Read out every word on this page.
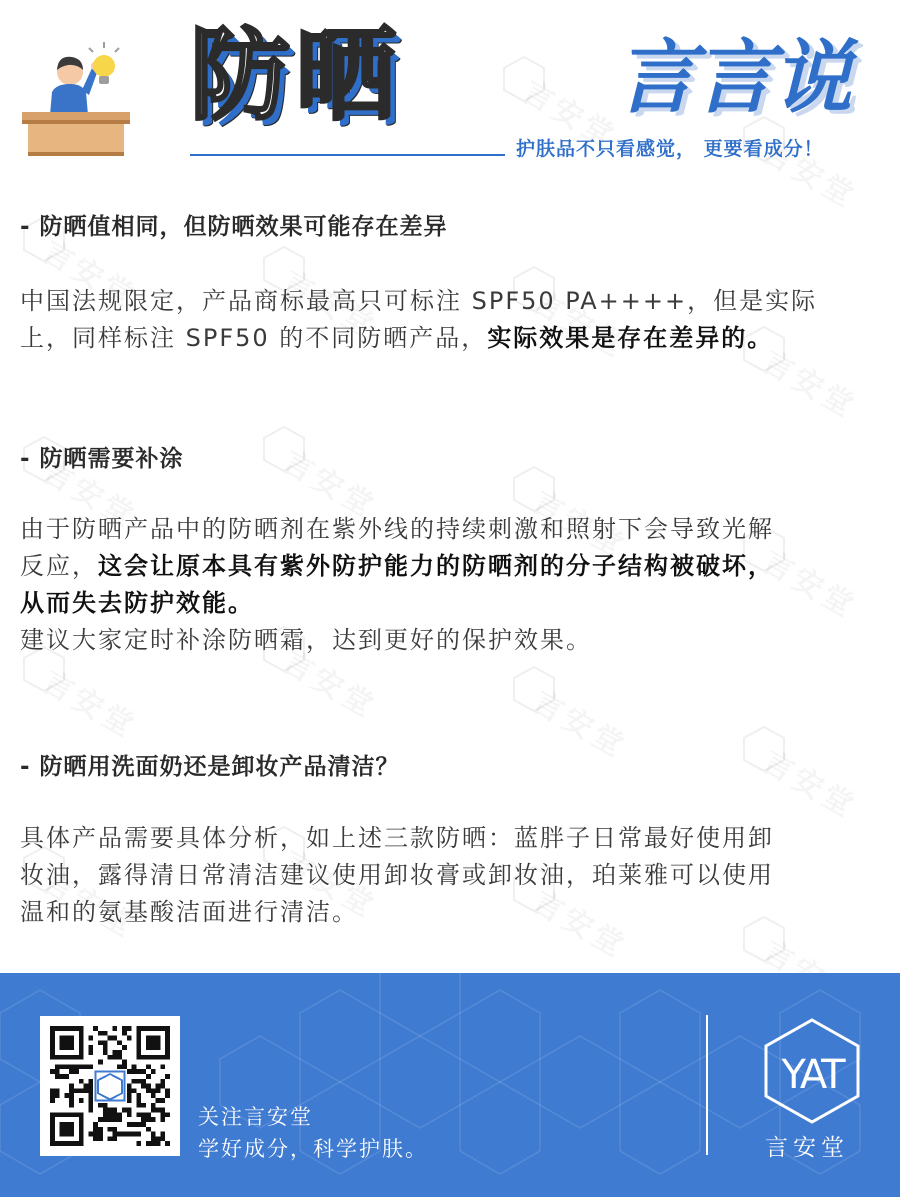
防晒	言言说
护肤品不只看感觉， 更要看成分！
- 防晒值相同，但防晒效果可能存在差异
中国法规限定，产品商标最高只可标注 SPF50 PA++++，但是实际
上，同样标注 SPF50 的不同防晒产品，实际效果是存在差异的。
- 防晒需要补涂
由于防晒产品中的防晒剂在紫外线的持续刺激和照射下会导致光解
反应，这会让原本具有紫外防护能力的防晒剂的分子结构被破坏，
从而失去防护效能。
建议大家定时补涂防晒霜，达到更好的保护效果。
- 防晒用洗面奶还是卸妆产品清洁？
具体产品需要具体分析，如上述三款防晒：蓝胖子日常最好使用卸
妆油，露得清日常清洁建议使用卸妆膏或卸妆油，珀莱雅可以使用
温和的氨基酸洁面进行清洁。
关注言安堂
学好成分，科学护肤。
YAT
言安堂
